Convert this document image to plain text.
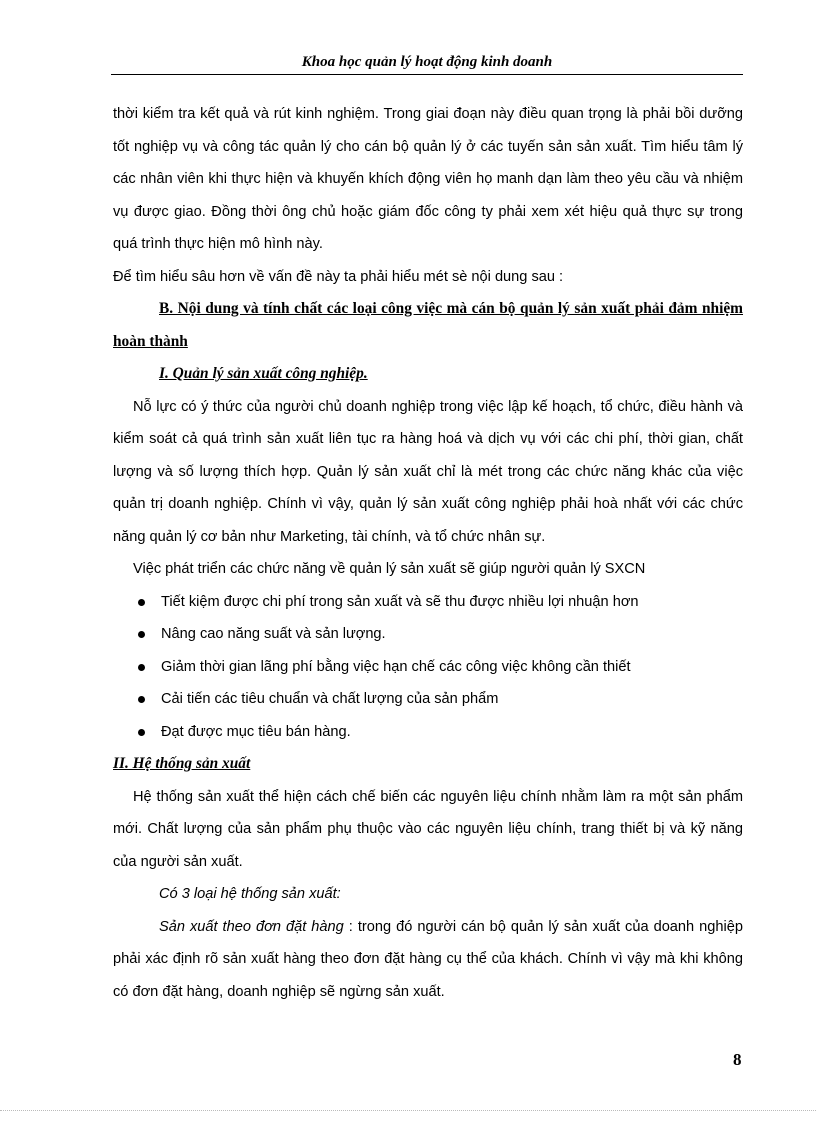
Khoa học quản lý hoạt động kinh doanh

thời kiểm tra kết quả và rút kinh nghiệm. Trong giai đoạn này điều quan trọng là phải bồi dưỡng tốt nghiệp vụ và công tác quản lý cho cán bộ quản lý ở các tuyến sản sản xuất. Tìm hiểu tâm lý các nhân viên khi thực hiện và khuyến khích động viên họ manh dạn làm theo yêu cầu và nhiệm vụ được giao. Đồng thời ông chủ hoặc giám đốc công ty phải xem xét hiệu quả thực sự trong quá trình thực hiện mô hình này.

Để tìm hiểu sâu hơn về vấn đề này ta phải hiểu mét sè nội dung sau :

B. Nội dung và tính chất các loại công việc mà cán bộ quản lý sản xuất phải đảm nhiệm hoàn thành

I. Quản lý sản xuất công nghiệp.

Nỗ lực có ý thức của người chủ doanh nghiệp trong việc lập kế hoạch, tổ chức, điều hành và kiểm soát cả quá trình sản xuất liên tục ra hàng hoá và dịch vụ với các chi phí, thời gian, chất lượng và số lượng thích hợp. Quản lý sản xuất chỉ là mét trong các chức năng khác của việc quản trị doanh nghiệp. Chính vì vậy, quản lý sản xuất công nghiệp phải hoà nhất với các chức năng quản lý cơ bản như Marketing, tài chính, và tổ chức nhân sự.

Việc phát triển các chức năng về quản lý sản xuất sẽ giúp người quản lý SXCN

Tiết kiệm được chi phí trong sản xuất và sẽ thu được nhiều lợi nhuận hơn
Nâng cao năng suất và sản lượng.
Giảm thời gian lãng phí bằng việc hạn chế các công việc không cần thiết
Cải tiến các tiêu chuẩn và chất lượng của sản phẩm
Đạt được mục tiêu bán hàng.

II. Hệ thống sản xuất

Hệ thống sản xuất thể hiện cách chế biến các nguyên liệu chính nhằm làm ra một sản phẩm mới. Chất lượng của sản phẩm phụ thuộc vào các nguyên liệu chính, trang thiết bị và kỹ năng của người sản xuất.

Có 3 loại hệ thống sản xuất:

Sản xuất theo đơn đặt hàng : trong đó người cán bộ quản lý sản xuất của doanh nghiệp phải xác định rõ sản xuất hàng theo đơn đặt hàng cụ thể của khách. Chính vì vậy mà khi không có đơn đặt hàng, doanh nghiệp sẽ ngừng sản xuất.

8
